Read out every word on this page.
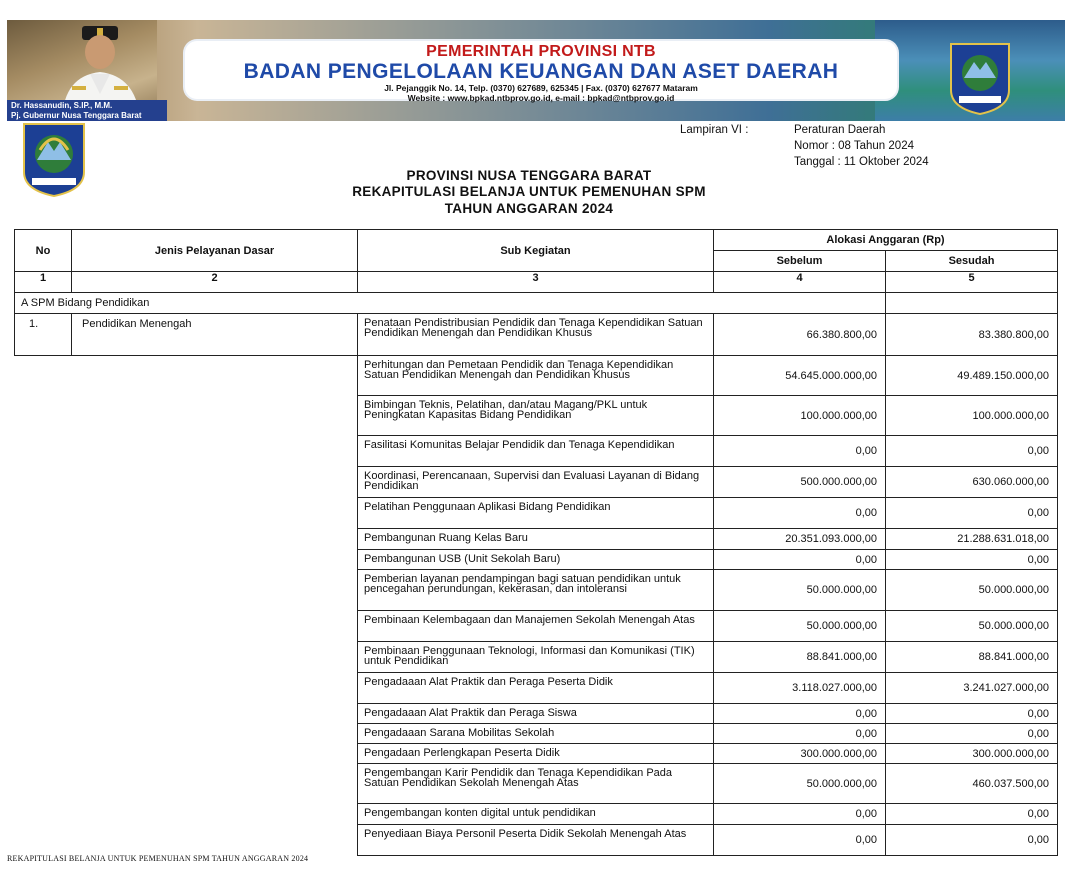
Dr. Hassanudin, S.IP., M.M.
Pj. Gubernur Nusa Tenggara Barat
PEMERINTAH PROVINSI NTB
BADAN PENGELOLAAN KEUANGAN DAN ASET DAERAH
Jl. Pejanggik No. 14, Telp. (0370) 627689, 625345 | Fax. (0370) 627677 Mataram
Website : www.bpkad.ntbprov.go.id, e-mail : bpkad@ntbprov.go.id
Lampiran VI :	Peraturan Daerah
Nomor : 08 Tahun 2024
Tanggal : 11 Oktober 2024
PROVINSI NUSA TENGGARA BARAT
REKAPITULASI BELANJA UNTUK PEMENUHAN SPM
TAHUN ANGGARAN 2024
No	Jenis Pelayanan Dasar	Sub Kegiatan	Alokasi Anggaran (Rp)	
			Sebelum	Sesudah
1	2	3	4	5
A SPM Bidang Pendidikan				
1.	Pendidikan Menengah	Penataan Pendistribusian Pendidik dan Tenaga Kependidikan Satuan Pendidikan Menengah dan Pendidikan Khusus	66.380.800,00	83.380.800,00
		Perhitungan dan Pemetaan Pendidik dan Tenaga Kependidikan Satuan Pendidikan Menengah dan Pendidikan Khusus	54.645.000.000,00	49.489.150.000,00
		Bimbingan Teknis, Pelatihan, dan/atau Magang/PKL untuk Peningkatan Kapasitas Bidang Pendidikan	100.000.000,00	100.000.000,00
		Fasilitasi Komunitas Belajar Pendidik dan Tenaga Kependidikan	0,00	0,00
		Koordinasi, Perencanaan, Supervisi dan Evaluasi Layanan di Bidang Pendidikan	500.000.000,00	630.060.000,00
		Pelatihan Penggunaan Aplikasi Bidang Pendidikan	0,00	0,00
		Pembangunan Ruang Kelas Baru	20.351.093.000,00	21.288.631.018,00
		Pembangunan USB (Unit Sekolah Baru)	0,00	0,00
		Pemberian layanan pendampingan bagi satuan pendidikan untuk pencegahan perundungan, kekerasan, dan intoleransi	50.000.000,00	50.000.000,00
		Pembinaan Kelembagaan dan Manajemen Sekolah Menengah Atas	50.000.000,00	50.000.000,00
		Pembinaan Penggunaan Teknologi, Informasi dan Komunikasi (TIK) untuk Pendidikan	88.841.000,00	88.841.000,00
		Pengadaaan Alat Praktik dan Peraga Peserta Didik	3.118.027.000,00	3.241.027.000,00
		Pengadaaan Alat Praktik dan Peraga Siswa	0,00	0,00
		Pengadaaan Sarana Mobilitas Sekolah	0,00	0,00
		Pengadaan Perlengkapan Peserta Didik	300.000.000,00	300.000.000,00
		Pengembangan Karir Pendidik dan Tenaga Kependidikan Pada Satuan Pendidikan Sekolah Menengah Atas	50.000.000,00	460.037.500,00
		Pengembangan konten digital untuk pendidikan	0,00	0,00
		Penyediaan Biaya Personil Peserta Didik Sekolah Menengah Atas	0,00	0,00
REKAPITULASI BELANJA UNTUK PEMENUHAN SPM TAHUN ANGGARAN 2024
